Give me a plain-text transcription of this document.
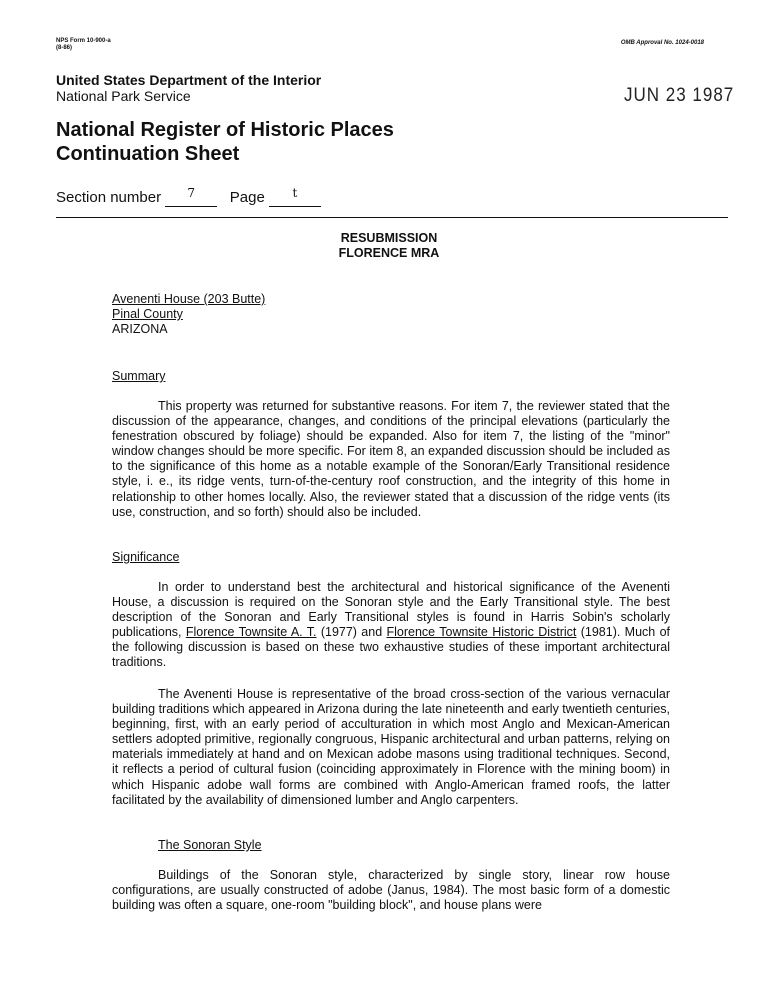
NPS Form 10-900-a
(8-86)
OMB Approval No. 1024-0018
United States Department of the Interior
National Park Service	JUN 23 1987
National Register of Historic Places
Continuation Sheet
Section number $^7$ Page $^t$
RESUBMISSION
FLORENCE MRA
Avenenti House (203 Butte)
Pinal County
ARIZONA
Summary
This property was returned for substantive reasons. For item 7, the reviewer stated that the discussion of the appearance, changes, and conditions of the principal elevations (particularly the fenestration obscured by foliage) should be expanded. Also for item 7, the listing of the "minor" window changes should be more specific. For item 8, an expanded discussion should be included as to the significance of this home as a notable example of the Sonoran/Early Transitional residence style, i. e., its ridge vents, turn-of-the-century roof construction, and the integrity of this home in relationship to other homes locally. Also, the reviewer stated that a discussion of the ridge vents (its use, construction, and so forth) should also be included.
Significance
In order to understand best the architectural and historical significance of the Avenenti House, a discussion is required on the Sonoran style and the Early Transitional style. The best description of the Sonoran and Early Transitional styles is found in Harris Sobin's scholarly publications, Florence Townsite A. T. (1977) and Florence Townsite Historic District (1981). Much of the following discussion is based on these two exhaustive studies of these important architectural traditions.
The Avenenti House is representative of the broad cross-section of the various vernacular building traditions which appeared in Arizona during the late nineteenth and early twentieth centuries, beginning, first, with an early period of acculturation in which most Anglo and Mexican-American settlers adopted primitive, regionally congruous, Hispanic architectural and urban patterns, relying on materials immediately at hand and on Mexican adobe masons using traditional techniques. Second, it reflects a period of cultural fusion (coinciding approximately in Florence with the mining boom) in which Hispanic adobe wall forms are combined with Anglo-American framed roofs, the latter facilitated by the availability of dimensioned lumber and Anglo carpenters.
The Sonoran Style
Buildings of the Sonoran style, characterized by single story, linear row house configurations, are usually constructed of adobe (Janus, 1984). The most basic form of a domestic building was often a square, one-room "building block", and house plans were
